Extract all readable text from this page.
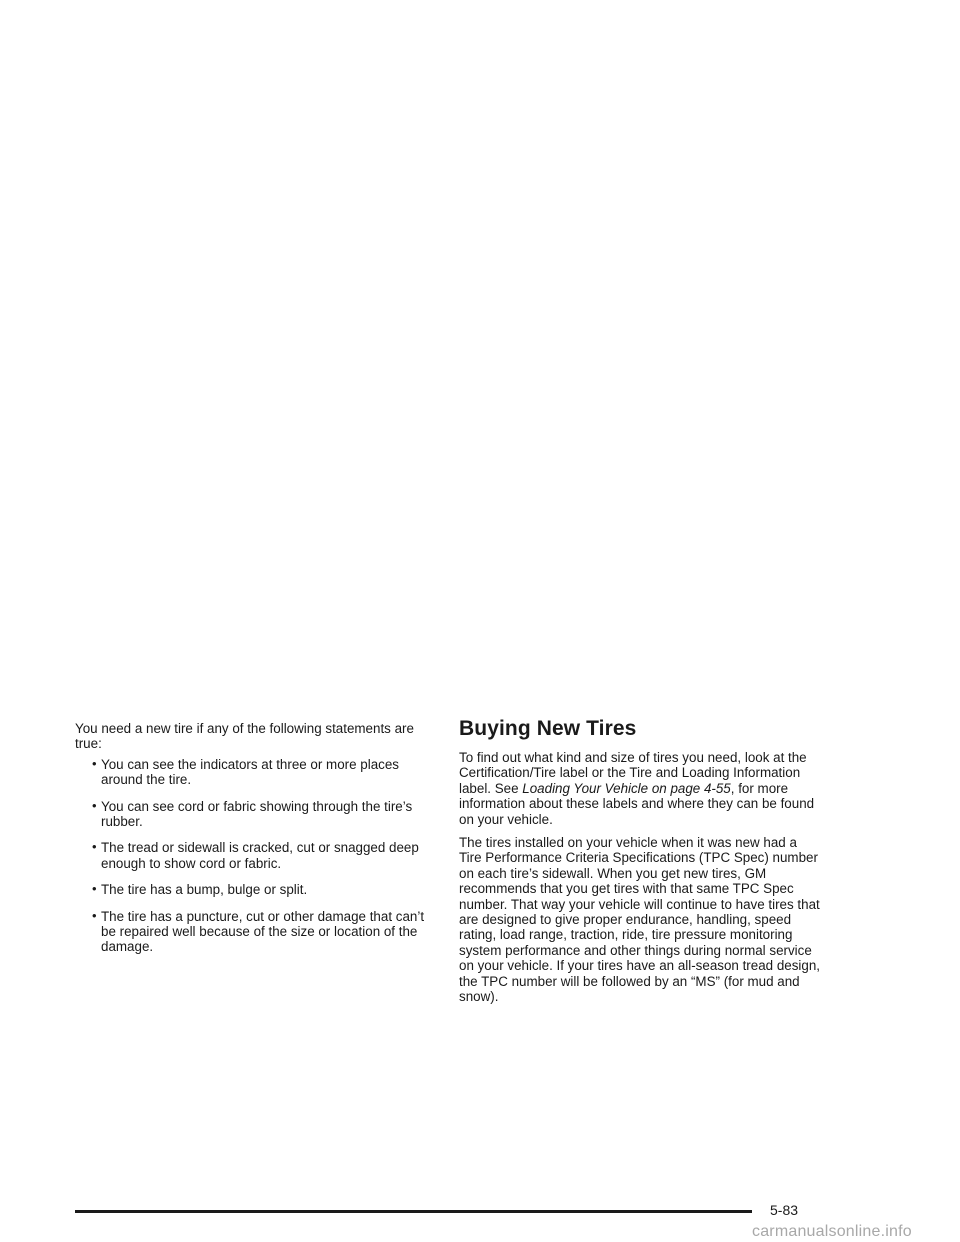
You need a new tire if any of the following statements are true:

• You can see the indicators at three or more places around the tire.
• You can see cord or fabric showing through the tire’s rubber.
• The tread or sidewall is cracked, cut or snagged deep enough to show cord or fabric.
• The tire has a bump, bulge or split.
• The tire has a puncture, cut or other damage that can’t be repaired well because of the size or location of the damage.
Buying New Tires

To find out what kind and size of tires you need, look at the Certification/Tire label or the Tire and Loading Information label. See Loading Your Vehicle on page 4-55, for more information about these labels and where they can be found on your vehicle.

The tires installed on your vehicle when it was new had a Tire Performance Criteria Specifications (TPC Spec) number on each tire’s sidewall. When you get new tires, GM recommends that you get tires with that same TPC Spec number. That way your vehicle will continue to have tires that are designed to give proper endurance, handling, speed rating, load range, traction, ride, tire pressure monitoring system performance and other things during normal service on your vehicle. If your tires have an all-season tread design, the TPC number will be followed by an “MS” (for mud and snow).

5-83
carmanualsonline.info
